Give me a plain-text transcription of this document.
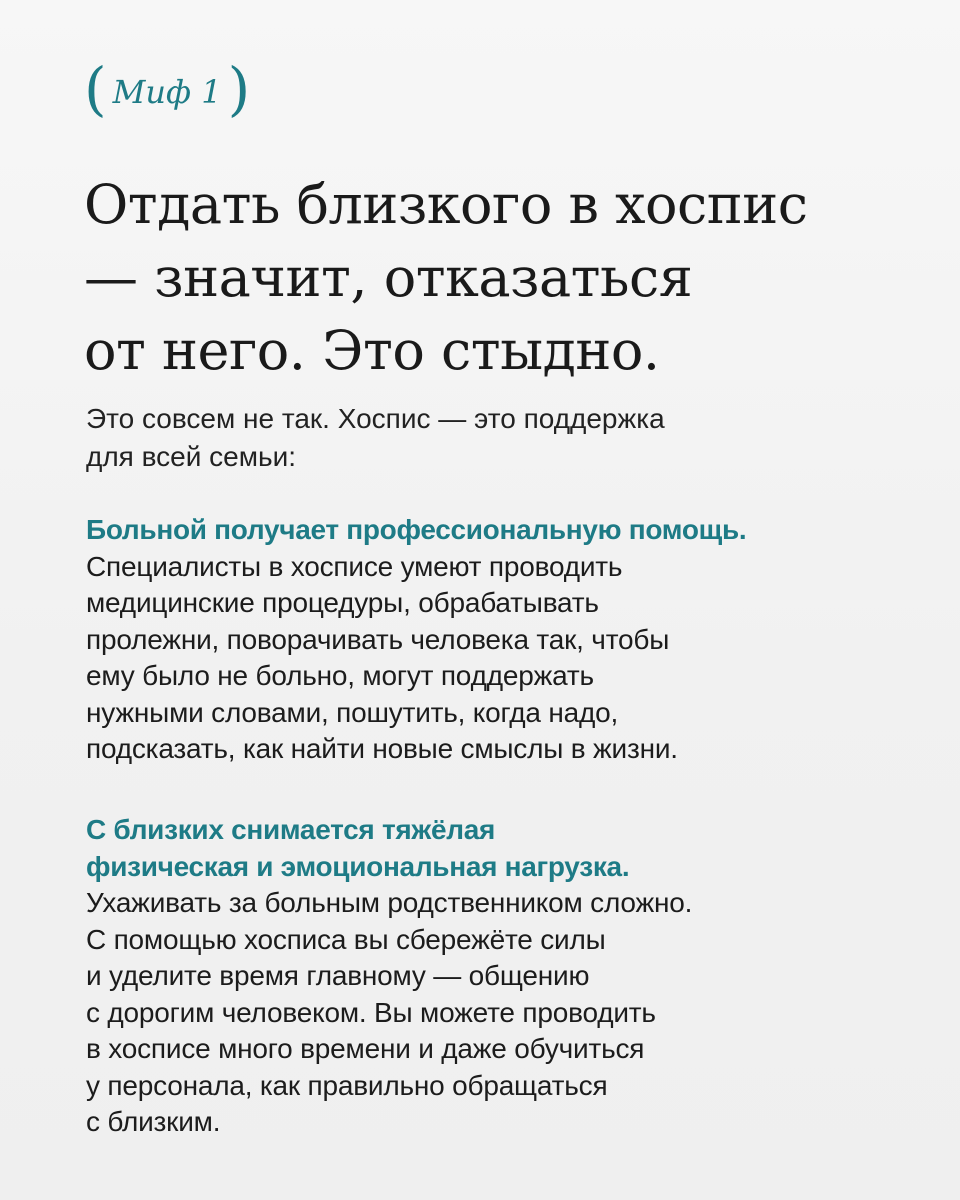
( Миф 1 )
Отдать близкого в хоспис
— значит, отказаться
от него. Это стыдно.
Это совсем не так. Хоспис — это поддержка
для всей семьи:
Больной получает профессиональную помощь.
Специалисты в хосписе умеют проводить
медицинские процедуры, обрабатывать
пролежни, поворачивать человека так, чтобы
ему было не больно, могут поддержать
нужными словами, пошутить, когда надо,
подсказать, как найти новые смыслы в жизни.
С близких снимается тяжёлая
физическая и эмоциональная нагрузка.
Ухаживать за больным родственником сложно.
С помощью хосписа вы сбережёте силы
и уделите время главному — общению
с дорогим человеком. Вы можете проводить
в хосписе много времени и даже обучиться
у персонала, как правильно обращаться
с близким.
